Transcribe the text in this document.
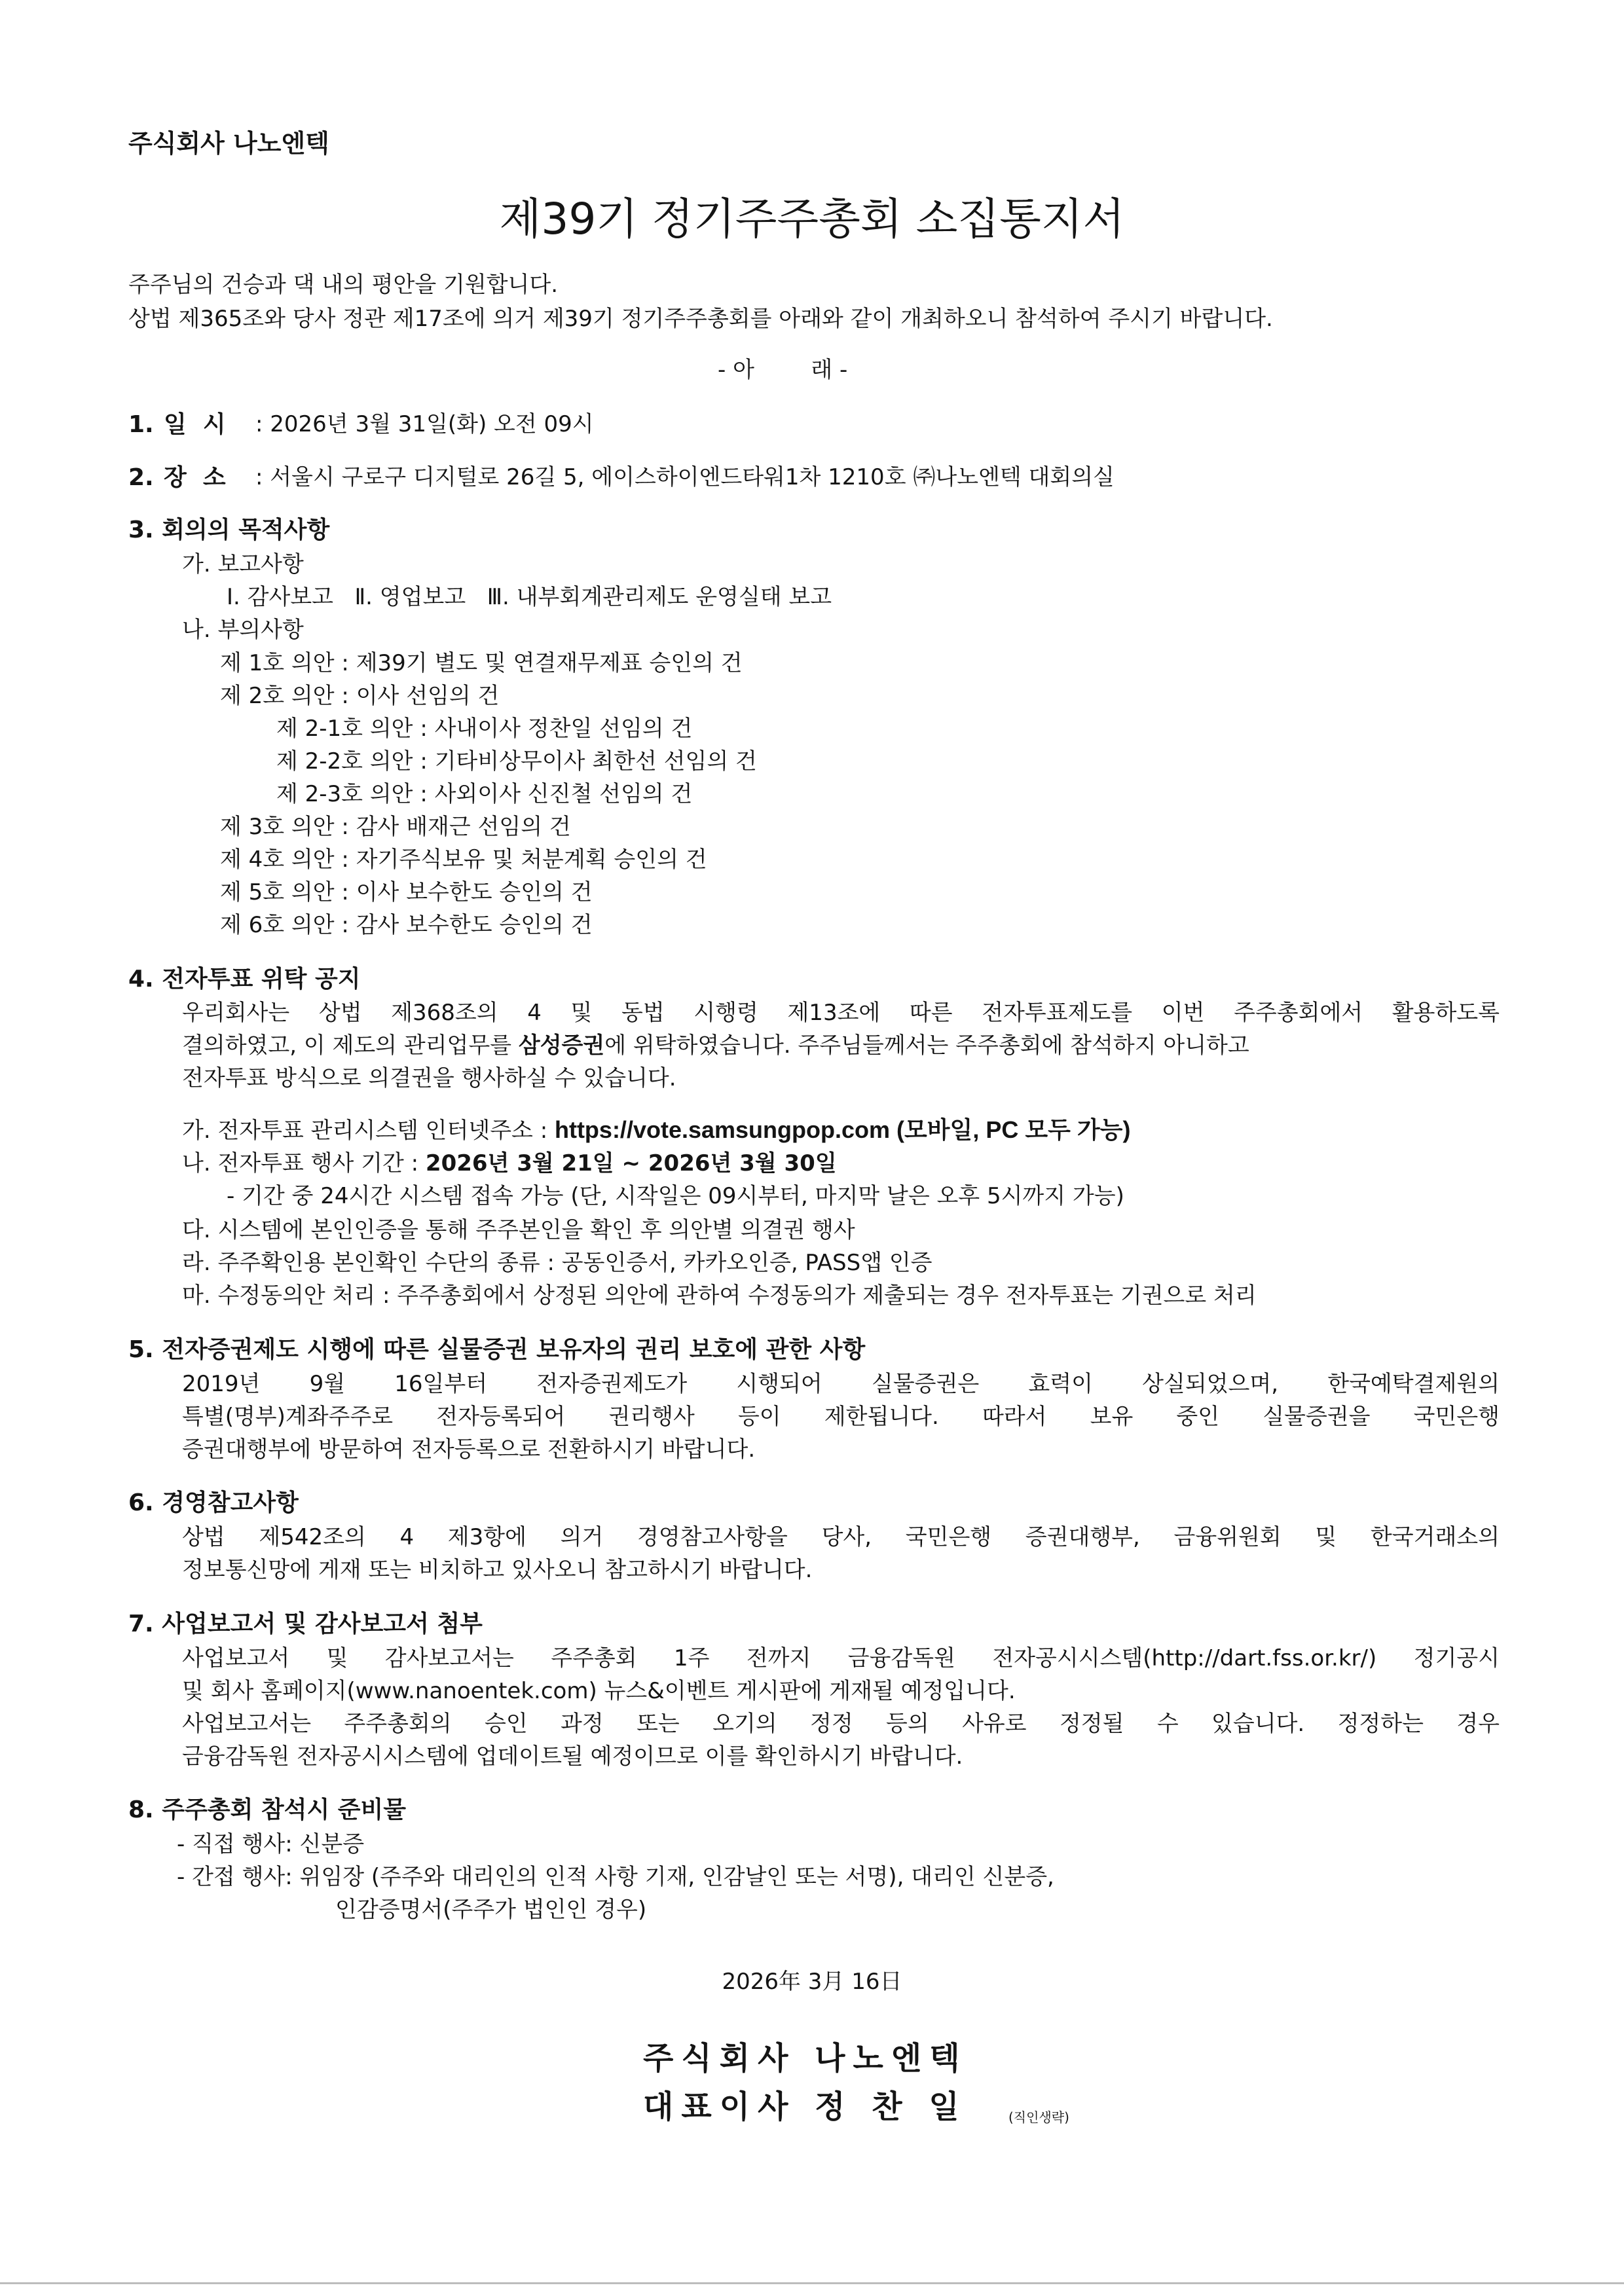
주식회사 나노엔텍
제39기 정기주주총회 소집통지서
주주님의 건승과 댁 내의 평안을 기원합니다.
상법 제365조와 당사 정관 제17조에 의거 제39기 정기주주총회를 아래와 같이 개최하오니 참석하여 주시기 바랍니다.
- 아        래 -
1. 일  시 : 2026년 3월 31일(화) 오전 09시
2. 장  소 : 서울시 구로구 디지털로 26길 5, 에이스하이엔드타워1차 1210호 ㈜나노엔텍 대회의실
3. 회의의 목적사항
가. 보고사항
Ⅰ. 감사보고   Ⅱ. 영업보고   Ⅲ. 내부회계관리제도 운영실태 보고
나. 부의사항
제 1호 의안 : 제39기 별도 및 연결재무제표 승인의 건
제 2호 의안 : 이사 선임의 건
제 2-1호 의안 : 사내이사 정찬일 선임의 건
제 2-2호 의안 : 기타비상무이사 최한선 선임의 건
제 2-3호 의안 : 사외이사 신진철 선임의 건
제 3호 의안 : 감사 배재근 선임의 건
제 4호 의안 : 자기주식보유 및 처분계획 승인의 건
제 5호 의안 : 이사 보수한도 승인의 건
제 6호 의안 : 감사 보수한도 승인의 건
4. 전자투표 위탁 공지
우리회사는 상법 제368조의 4 및 동법 시행령 제13조에 따른 전자투표제도를 이번 주주총회에서 활용하도록
결의하였고, 이 제도의 관리업무를 삼성증권에 위탁하였습니다. 주주님들께서는 주주총회에 참석하지 아니하고
전자투표 방식으로 의결권을 행사하실 수 있습니다.
가. 전자투표 관리시스템 인터넷주소 : https://vote.samsungpop.com (모바일, PC 모두 가능)
나. 전자투표 행사 기간 : 2026년 3월 21일 ~ 2026년 3월 30일
- 기간 중 24시간 시스템 접속 가능 (단, 시작일은 09시부터, 마지막 날은 오후 5시까지 가능)
다. 시스템에 본인인증을 통해 주주본인을 확인 후 의안별 의결권 행사
라. 주주확인용 본인확인 수단의 종류 : 공동인증서, 카카오인증, PASS앱 인증
마. 수정동의안 처리 : 주주총회에서 상정된 의안에 관하여 수정동의가 제출되는 경우 전자투표는 기권으로 처리
5. 전자증권제도 시행에 따른 실물증권 보유자의 권리 보호에 관한 사항
2019년 9월 16일부터 전자증권제도가 시행되어 실물증권은 효력이 상실되었으며, 한국예탁결제원의
특별(명부)계좌주주로 전자등록되어 권리행사 등이 제한됩니다. 따라서 보유 중인 실물증권을 국민은행
증권대행부에 방문하여 전자등록으로 전환하시기 바랍니다.
6. 경영참고사항
상법 제542조의 4 제3항에 의거 경영참고사항을 당사, 국민은행 증권대행부, 금융위원회 및 한국거래소의
정보통신망에 게재 또는 비치하고 있사오니 참고하시기 바랍니다.
7. 사업보고서 및 감사보고서 첨부
사업보고서 및 감사보고서는 주주총회 1주 전까지 금융감독원 전자공시시스템(http://dart.fss.or.kr/) 정기공시
및 회사 홈페이지(www.nanoentek.com) 뉴스&이벤트 게시판에 게재될 예정입니다.
사업보고서는 주주총회의 승인 과정 또는 오기의 정정 등의 사유로 정정될 수 있습니다. 정정하는 경우
금융감독원 전자공시시스템에 업데이트될 예정이므로 이를 확인하시기 바랍니다.
8. 주주총회 참석시 준비물
- 직접 행사: 신분증
- 간접 행사: 위임장 (주주와 대리인의 인적 사항 기재, 인감날인 또는 서명), 대리인 신분증,
인감증명서(주주가 법인인 경우)
2026年 3月 16日
주식회사 나노엔텍
대표이사 정 찬 일	(직인생략)
